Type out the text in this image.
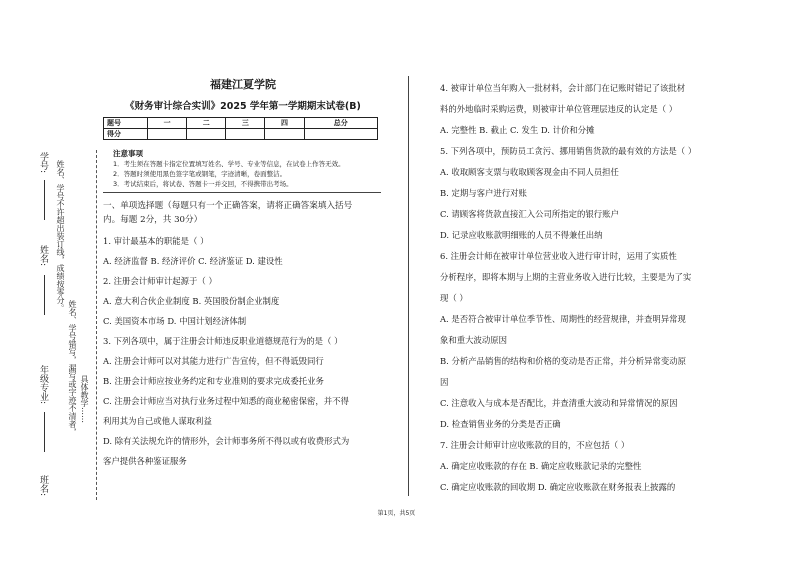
学号:
姓名:
年级专业:
班名:
姓名、学号不许超出装订线，成绩按零分。
姓名、学号错写，漏写或字迹不清者， 具体教学……

福建江夏学院

《财务审计综合实训》2025 学年第一学期期末试卷(B)

题号	一	二	三	四	总分
得分					
注意事项
1．考生须在答题卡指定位置填写姓名、学号、专业等信息，在试卷上作答无效。
2．答题时须使用黑色签字笔或钢笔，字迹清晰，卷面整洁。
3．考试结束后，将试卷、答题卡一并交回，不得携带出考场。

一、单项选择题（每题只有一个正确答案，请将正确答案填入括号

内。每题 2分，共 30分）

1. 审计最基本的职能是（ ）

A. 经济监督 B. 经济评价 C. 经济鉴证 D. 建设性

2. 注册会计师审计起源于（ ）

A. 意大利合伙企业制度 B. 英国股份制企业制度

C. 美国资本市场 D. 中国计划经济体制

3. 下列各项中，属于注册会计师违反职业道德规范行为的是（ ）

A. 注册会计师可以对其能力进行广告宣传，但不得诋毁同行

B. 注册会计师应按业务约定和专业准则的要求完成委托业务

C. 注册会计师应当对执行业务过程中知悉的商业秘密保密，并不得

利用其为自己或他人谋取利益

D. 除有关法规允许的情形外，会计师事务所不得以或有收费形式为

客户提供各种鉴证服务

4. 被审计单位当年购入一批材料，会计部门在记账时错记了该批材

料的外地临时采购运费，则被审计单位管理层违反的认定是（ ）

A. 完整性 B. 截止 C. 发生 D. 计价和分摊

5. 下列各项中，预防员工贪污、挪用销售货款的最有效的方法是（ ）

A. 收取顾客支票与收取顾客现金由不同人员担任

B. 定期与客户进行对账

C. 请顾客将货款直接汇入公司所指定的银行账户

D. 记录应收账款明细账的人员不得兼任出纳

6. 注册会计师在被审计单位营业收入进行审计时，运用了实质性

分析程序，即将本期与上期的主营业务收入进行比较，主要是为了实

现（ ）

A. 是否符合被审计单位季节性、周期性的经营规律，并查明异常现

象和重大波动原因

B. 分析产品销售的结构和价格的变动是否正常，并分析异常变动原

因

C. 注意收入与成本是否配比，并查清重大波动和异常情况的原因

D. 检查销售业务的分类是否正确

7. 注册会计师审计应收账款的目的，不应包括（ ）

A. 确定应收账款的存在 B. 确定应收账款记录的完整性

C. 确定应收账款的回收期 D. 确定应收账款在财务报表上披露的

第1页，共5页
